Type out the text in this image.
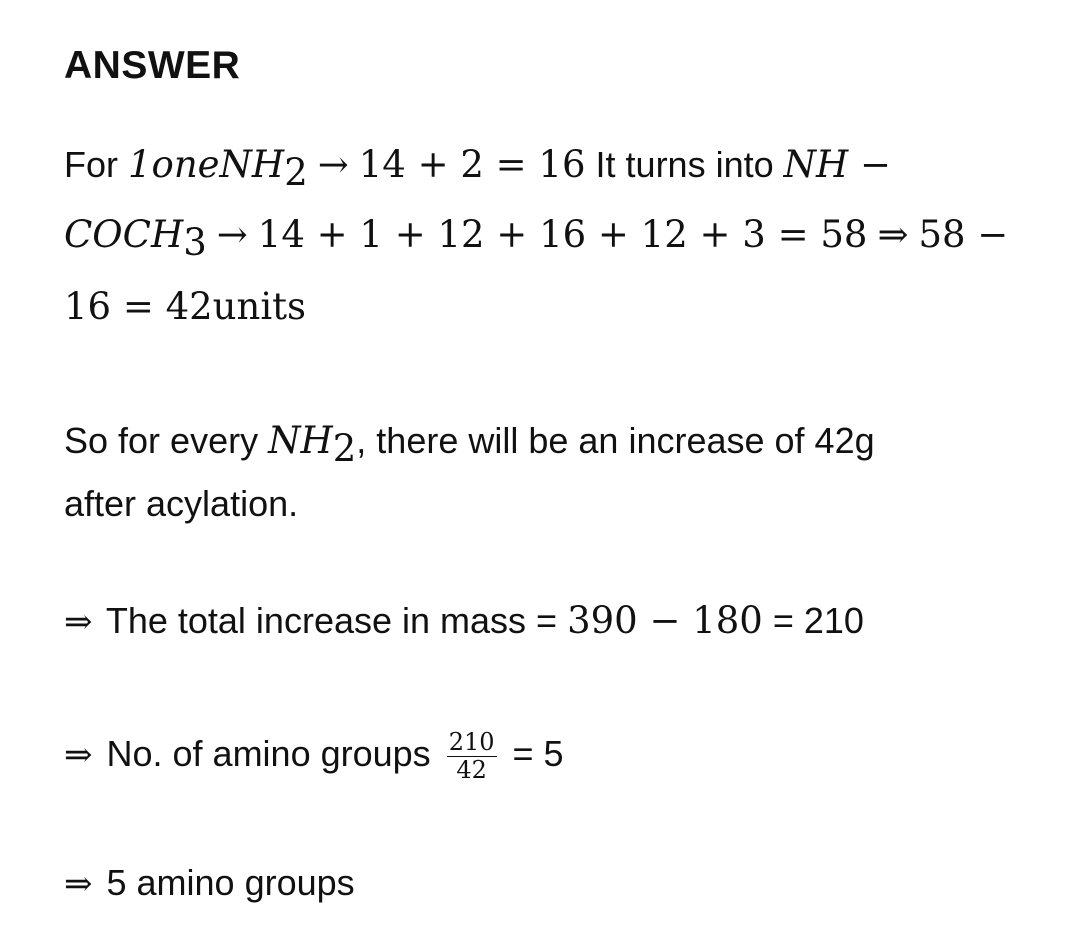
ANSWER
For 1oneNH$_2$ → 14 + 2 = 16 It turns into NH −
$COCH_3 \to 14 + 1 + 12 + 16 + 12 + 3 = 58$ ⇒ 58 −
16 = 42units
So for every $NH_2$, there will be an increase of 42g
after acylation.
⇒ The total increase in mass = 390 − 180 = 210
⇒ No. of amino groups $\frac{210}{42} = 5$
⇒ 5 amino groups
